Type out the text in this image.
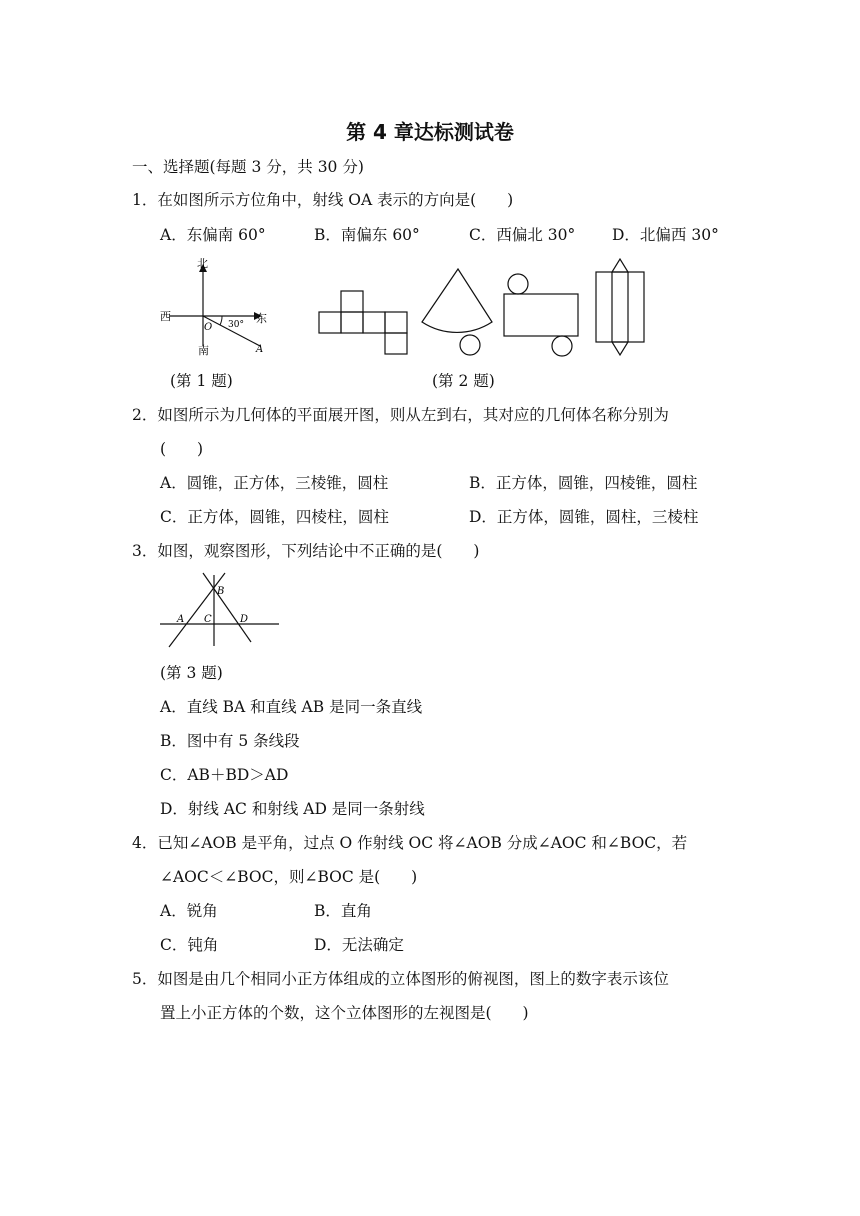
第 4 章达标测试卷
一、选择题(每题 3 分，共 30 分)
1．在如图所示方位角中，射线 OA 表示的方向是(　　)
A．东偏南 60°	B．南偏东 60°	C．西偏北 30° D．北偏西 30°
北
西	东
南
O
A
30°
(第 1 题)	(第 2 题)
2．如图所示为几何体的平面展开图，则从左到右，其对应的几何体名称分别为
(　　)
A．圆锥，正方体，三棱锥，圆柱	B．正方体，圆锥，四棱锥，圆柱
C．正方体，圆锥，四棱柱，圆柱	D．正方体，圆锥，圆柱，三棱柱
3．如图，观察图形，下列结论中不正确的是(　　)
B
A C	D
(第 3 题)
A．直线 BA 和直线 AB 是同一条直线
B．图中有 5 条线段
C．AB＋BD＞AD
D．射线 AC 和射线 AD 是同一条射线
4．已知∠AOB 是平角，过点 O 作射线 OC 将∠AOB 分成∠AOC 和∠BOC，若
∠AOC＜∠BOC，则∠BOC 是(　　)
A．锐角	B．直角
C．钝角	D．无法确定
5．如图是由几个相同小正方体组成的立体图形的俯视图，图上的数字表示该位
置上小正方体的个数，这个立体图形的左视图是(　　)
